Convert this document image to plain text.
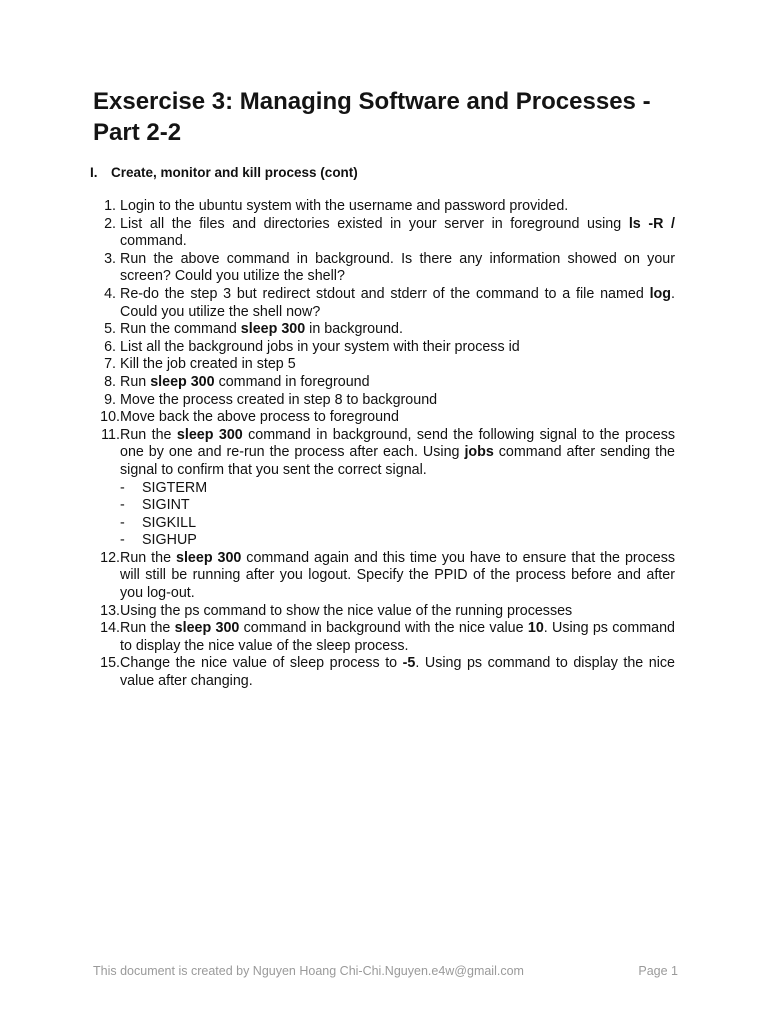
Exsercise 3: Managing Software and Processes - Part 2-2
I. Create, monitor and kill process (cont)
1. Login to the ubuntu system with the username and password provided.
2. List all the files and directories existed in your server in foreground using ls -R / command.
3. Run the above command in background. Is there any information showed on your screen? Could you utilize the shell?
4. Re-do the step 3 but redirect stdout and stderr of the command to a file named log. Could you utilize the shell now?
5. Run the command sleep 300 in background.
6. List all the background jobs in your system with their process id
7. Kill the job created in step 5
8. Run sleep 300 command in foreground
9. Move the process created in step 8 to background
10. Move back the above process to foreground
11. Run the sleep 300 command in background, send the following signal to the process one by one and re-run the process after each. Using jobs command after sending the signal to confirm that you sent the correct signal.
-	SIGTERM
-	SIGINT
-	SIGKILL
-	SIGHUP
12. Run the sleep 300 command again and this time you have to ensure that the process will still be running after you logout. Specify the PPID of the process before and after you log-out.
13. Using the ps command to show the nice value of the running processes
14. Run the sleep 300 command in background with the nice value 10. Using ps command to display the nice value of the sleep process.
15. Change the nice value of sleep process to -5. Using ps command to display the nice value after changing.
This document is created by Nguyen Hoang Chi-Chi.Nguyen.e4w@gmail.com	Page 1
